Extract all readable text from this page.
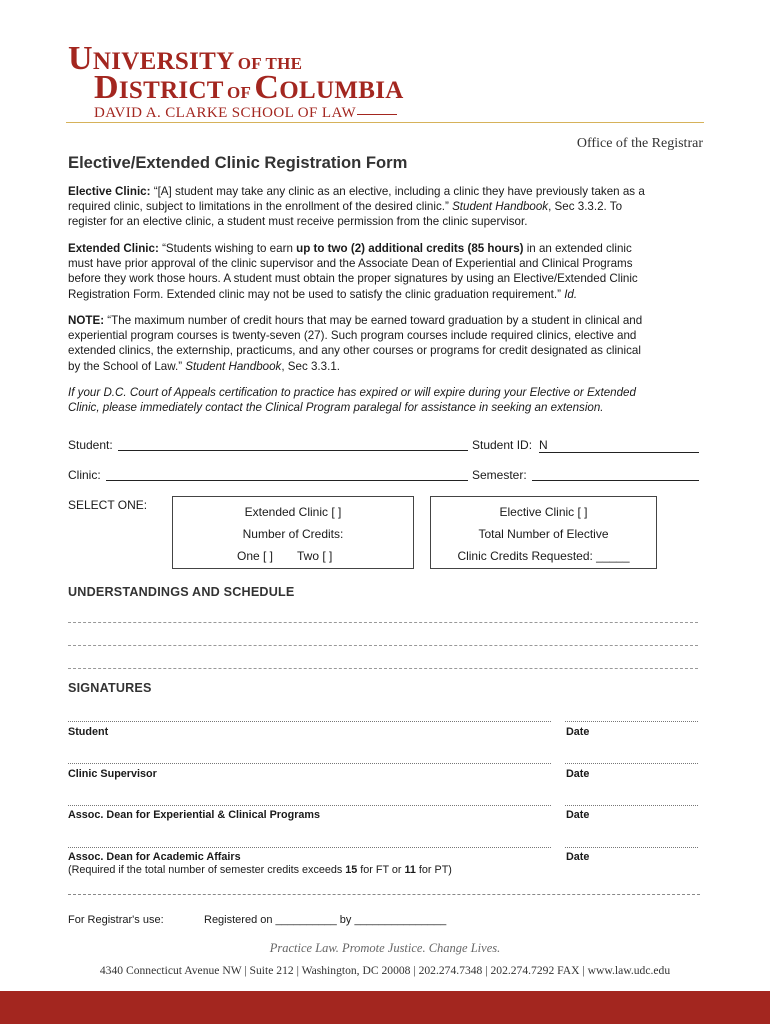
UNIVERSITY OF THE
DISTRICT OF COLUMBIA
DAVID A. CLARKE SCHOOL OF LAW
Office of the Registrar
Elective/Extended Clinic Registration Form
Elective Clinic: “[A] student may take any clinic as an elective, including a clinic they have previously taken as a
required clinic, subject to limitations in the enrollment of the desired clinic.” Student Handbook, Sec 3.3.2. To
register for an elective clinic, a student must receive permission from the clinic supervisor.
Extended Clinic: “Students wishing to earn up to two (2) additional credits (85 hours) in an extended clinic
must have prior approval of the clinic supervisor and the Associate Dean of Experiential and Clinical Programs
before they work those hours. A student must obtain the proper signatures by using an Elective/Extended Clinic
Registration Form. Extended clinic may not be used to satisfy the clinic graduation requirement.” Id.
NOTE: “The maximum number of credit hours that may be earned toward graduation by a student in clinical and
experiential program courses is twenty-seven (27). Such program courses include required clinics, elective and
extended clinics, the externship, practicums, and any other courses or programs for credit designated as clinical
by the School of Law.” Student Handbook, Sec 3.3.1.
If your D.C. Court of Appeals certification to practice has expired or will expire during your Elective or Extended
Clinic, please immediately contact the Clinical Program paralegal for assistance in seeking an extension.
Student:	Student ID: N
Clinic:	Semester:
SELECT ONE:	Extended Clinic [ ]
Number of Credits:
One [ ] Two [ ]
Elective Clinic [ ]
Total Number of Elective
Clinic Credits Requested: _____
UNDERSTANDINGS AND SCHEDULE
SIGNATURES
Student	Date
Clinic Supervisor	Date
Assoc. Dean for Experiential & Clinical Programs	Date
Assoc. Dean for Academic Affairs	Date
(Required if the total number of semester credits exceeds 15 for FT or 11 for PT)
For Registrar's use:	Registered on __________ by _______________
Practice Law. Promote Justice. Change Lives.
4340 Connecticut Avenue NW | Suite 212 | Washington, DC 20008 | 202.274.7348 | 202.274.7292 FAX | www.law.udc.edu
